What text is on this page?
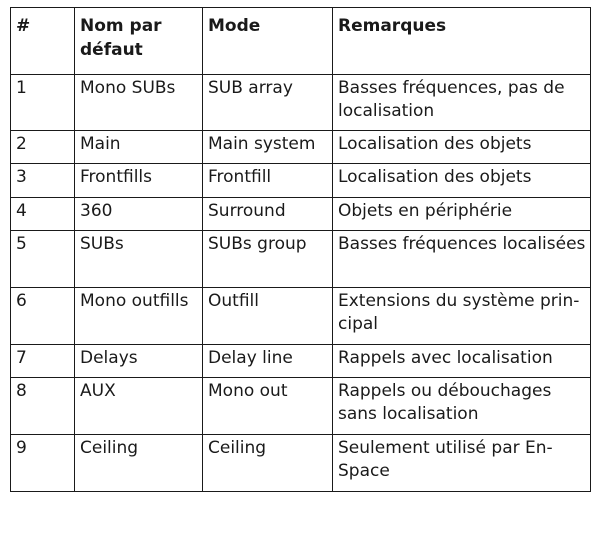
#	Nom par défaut	Mode	Remarques
1	Mono SUBs	SUB array	Basses fréquences, pas de localisation
2	Main	Main system	Localisation des objets
3	Frontfills	Frontfill	Localisation des objets
4	360	Surround	Objets en périphérie
5	SUBs	SUBs group	Basses fréquences localisées
6	Mono outfills	Outfill	Extensions du système principal
7	Delays	Delay line	Rappels avec localisation
8	AUX	Mono out	Rappels ou débouchages sans localisation
9	Ceiling	Ceiling	Seulement utilisé par En-Space
